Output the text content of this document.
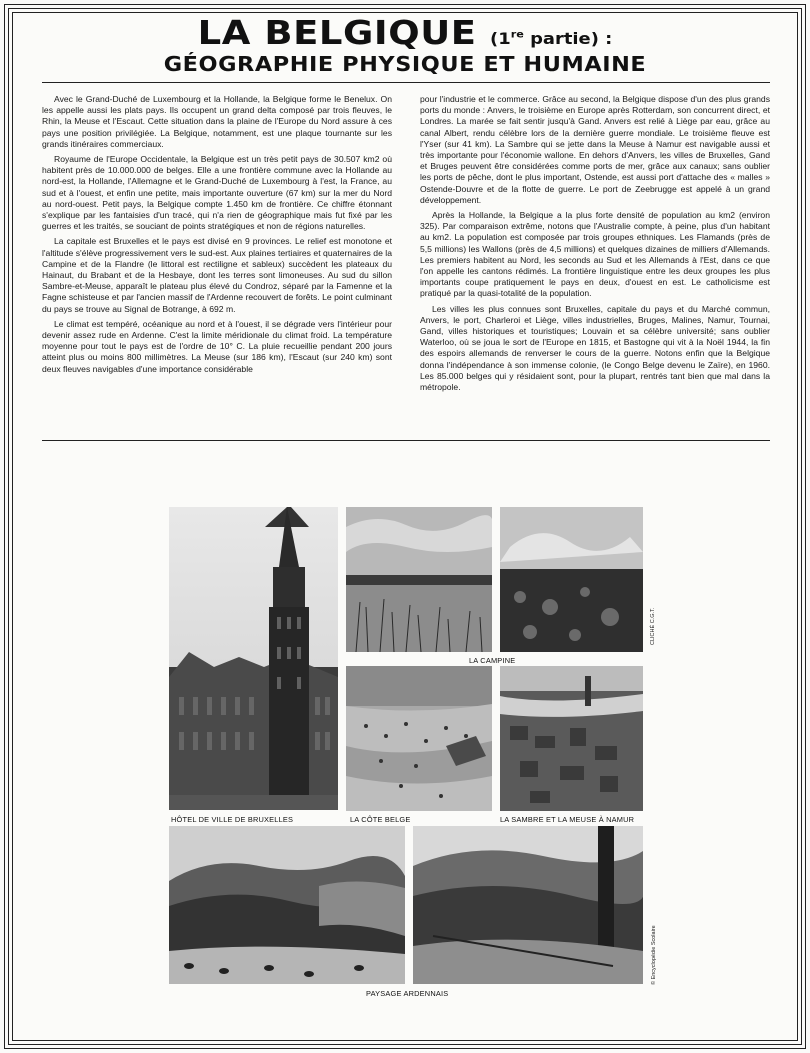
LA BELGIQUE (1re partie) :
GÉOGRAPHIE PHYSIQUE ET HUMAINE

Avec le Grand-Duché de Luxembourg et la Hollande, la Belgique forme le Benelux. On les appelle aussi les plats pays. Ils occupent un grand delta composé par trois fleuves, le Rhin, la Meuse et l'Escaut. Cette situation dans la plaine de l'Europe du Nord assure à ces pays une position privilégiée. La Belgique, notamment, est une plaque tournante sur les grands itinéraires commerciaux.

Royaume de l'Europe Occidentale, la Belgique est un très petit pays de 30.507 km2 où habitent près de 10.000.000 de belges. Elle a une frontière commune avec la Hollande au nord-est, la Hollande, l'Allemagne et le Grand-Duché de Luxembourg à l'est, la France, au sud et à l'ouest, et enfin une petite, mais importante ouverture (67 km) sur la mer du Nord au nord-ouest. Petit pays, la Belgique compte 1.450 km de frontière. Ce chiffre étonnant s'explique par les fantaisies d'un tracé, qui n'a rien de géographique mais fut fixé par les guerres et les traités, se souciant de points stratégiques et non de régions naturelles.

La capitale est Bruxelles et le pays est divisé en 9 provinces. Le relief est monotone et l'altitude s'élève progressivement vers le sud-est. Aux plaines tertiaires et quaternaires de la Campine et de la Flandre (le littoral est rectiligne et sableux) succèdent les plateaux du Hainaut, du Brabant et de la Hesbaye, dont les terres sont limoneuses. Au sud du sillon Sambre-et-Meuse, apparaît le plateau plus élevé du Condroz, séparé par la Famenne et la Fagne schisteuse et par l'ancien massif de l'Ardenne recouvert de forêts. Le point culminant du pays se trouve au Signal de Botrange, à 692 m.

Le climat est tempéré, océanique au nord et à l'ouest, il se dégrade vers l'intérieur pour devenir assez rude en Ardenne. C'est la limite méridionale du climat froid. La température moyenne pour tout le pays est de l'ordre de 10° C. La pluie recueillie pendant 200 jours atteint plus ou moins 800 millimètres. La Meuse (sur 186 km), l'Escaut (sur 240 km) sont deux fleuves navigables d'une importance considérable

pour l'industrie et le commerce. Grâce au second, la Belgique dispose d'un des plus grands ports du monde : Anvers, le troisième en Europe après Rotterdam, son concurrent direct, et Londres. La marée se fait sentir jusqu'à Gand. Anvers est relié à Liège par eau, grâce au canal Albert, rendu célèbre lors de la dernière guerre mondiale. Le troisième fleuve est l'Yser (sur 41 km). La Sambre qui se jette dans la Meuse à Namur est navigable aussi et très importante pour l'économie wallone. En dehors d'Anvers, les villes de Bruxelles, Gand et Bruges peuvent être considérées comme ports de mer, grâce aux canaux; sans oublier les ports de pêche, dont le plus important, Ostende, est aussi port d'attache des « malles » Ostende-Douvre et de la flotte de guerre. Le port de Zeebrugge est appelé à un grand développement.

Après la Hollande, la Belgique a la plus forte densité de population au km2 (environ 325). Par comparaison extrême, notons que l'Australie compte, à peine, plus d'un habitant au km2. La population est composée par trois groupes ethniques. Les Flamands (près de 5,5 millions) les Wallons (près de 4,5 millions) et quelques dizaines de milliers d'Allemands. Les premiers habitent au Nord, les seconds au Sud et les Allemands à l'Est, dans ce que l'on appelle les cantons rédimés. La frontière linguistique entre les deux groupes les plus importants coupe pratiquement le pays en deux, d'ouest en est. Le catholicisme est pratiqué par la quasi-totalité de la population.

Les villes les plus connues sont Bruxelles, capitale du pays et du Marché commun, Anvers, le port, Charleroi et Liège, villes industrielles, Bruges, Malines, Namur, Tournai, Gand, villes historiques et touristiques; Louvain et sa célèbre université; sans oublier Waterloo, où se joua le sort de l'Europe en 1815, et Bastogne qui vit à la Noël 1944, la fin des espoirs allemands de renverser le cours de la guerre. Notons enfin que la Belgique donna l'indépendance à son immense colonie, (le Congo Belge devenu le Zaïre), en 1960. Les 85.000 belges qui y résidaient sont, pour la plupart, rentrés tant bien que mal dans la métropole.

CLICHÉ C.G.T.
LA CAMPINE
HÔTEL DE VILLE DE BRUXELLES	LA CÔTE BELGE	LA SAMBRE ET LA MEUSE À NAMUR
© Encyclopédie Scolaire
PAYSAGE ARDENNAIS
